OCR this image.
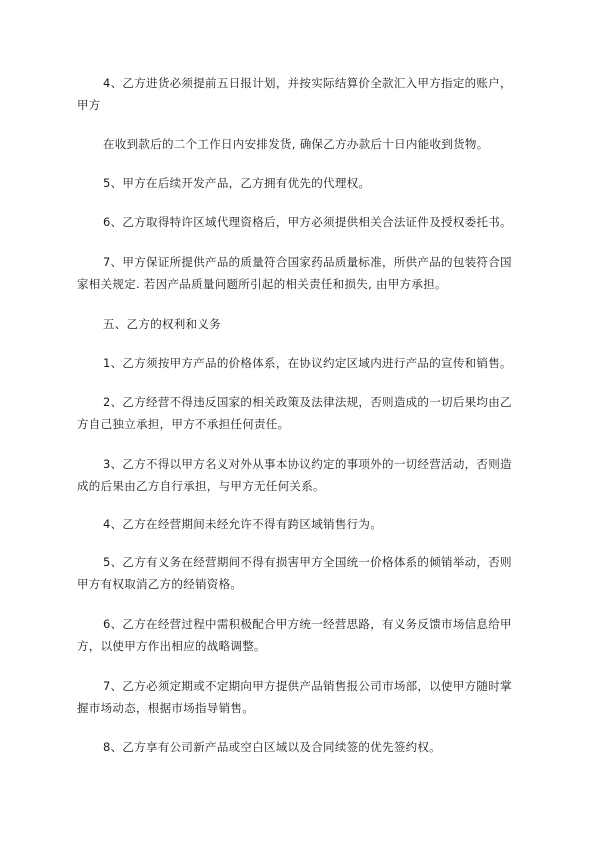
4、乙方进货必须提前五日报计划，并按实际结算价全款汇入甲方指定的账户，
甲方

在收到款后的二个工作日内安排发货, 确保乙方办款后十日内能收到货物。

5、甲方在后续开发产品，乙方拥有优先的代理权。

6、乙方取得特许区域代理资格后，甲方必须提供相关合法证件及授权委托书。

7、甲方保证所提供产品的质量符合国家药品质量标准，所供产品的包装符合国
家相关规定. 若因产品质量问题所引起的相关责任和损失, 由甲方承担。

五、乙方的权利和义务

1、乙方须按甲方产品的价格体系，在协议约定区域内进行产品的宣传和销售。

2、乙方经营不得违反国家的相关政策及法律法规，否则造成的一切后果均由乙
方自己独立承担，甲方不承担任何责任。

3、乙方不得以甲方名义对外从事本协议约定的事项外的一切经营活动，否则造
成的后果由乙方自行承担，与甲方无任何关系。

4、乙方在经营期间未经允许不得有跨区域销售行为。

5、乙方有义务在经营期间不得有损害甲方全国统一价格体系的倾销举动，否则
甲方有权取消乙方的经销资格。

6、乙方在经营过程中需积极配合甲方统一经营思路，有义务反馈市场信息给甲
方，以使甲方作出相应的战略调整。

7、乙方必须定期或不定期向甲方提供产品销售报公司市场部，以使甲方随时掌
握市场动态，根据市场指导销售。

8、乙方享有公司新产品或空白区域以及合同续签的优先签约权。
